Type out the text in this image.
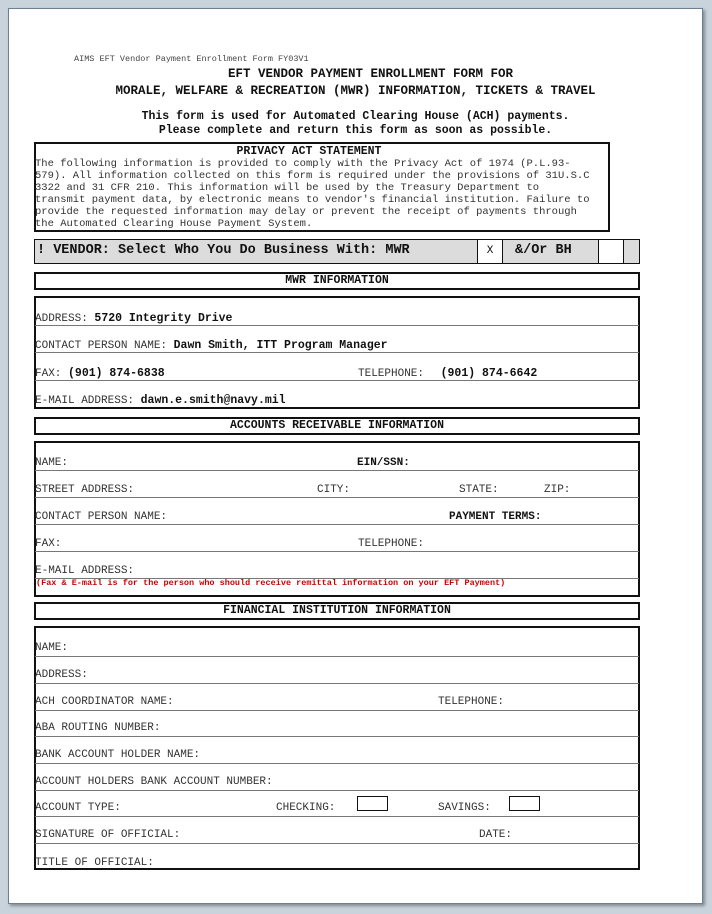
AIMS EFT Vendor Payment Enrollment Form FY03V1
EFT VENDOR PAYMENT ENROLLMENT FORM FOR
MORALE, WELFARE & RECREATION (MWR) INFORMATION, TICKETS & TRAVEL
This form is used for Automated Clearing House (ACH) payments.
Please complete and return this form as soon as possible.
PRIVACY ACT STATEMENT
The following information is provided to comply with the Privacy Act of 1974 (P.L.93-
579). All information collected on this form is required under the provisions of 31U.S.C
3322 and 31 CFR 210. This information will be used by the Treasury Department to
transmit payment data, by electronic means to vendor's financial institution. Failure to
provide the requested information may delay or prevent the receipt of payments through
the Automated Clearing House Payment System.
! VENDOR: Select Who You Do Business With: MWR	X	&/Or BH
MWR INFORMATION
ADDRESS: 5720 Integrity Drive
CONTACT PERSON NAME: Dawn Smith, ITT Program Manager
FAX: (901) 874-6838	TELEPHONE: (901) 874-6642
E-MAIL ADDRESS: dawn.e.smith@navy.mil
ACCOUNTS RECEIVABLE INFORMATION
NAME:	EIN/SSN:
STREET ADDRESS:	CITY:	STATE:	ZIP:
CONTACT PERSON NAME:	PAYMENT TERMS:
FAX:	TELEPHONE:
E-MAIL ADDRESS:
(Fax & E-mail is for the person who should receive remittal information on your EFT Payment)
FINANCIAL INSTITUTION INFORMATION
NAME:
ADDRESS:
ACH COORDINATOR NAME:	TELEPHONE:
ABA ROUTING NUMBER:
BANK ACCOUNT HOLDER NAME:
ACCOUNT HOLDERS BANK ACCOUNT NUMBER:
ACCOUNT TYPE:	CHECKING:	SAVINGS:
SIGNATURE OF OFFICIAL:	DATE:
TITLE OF OFFICIAL:
